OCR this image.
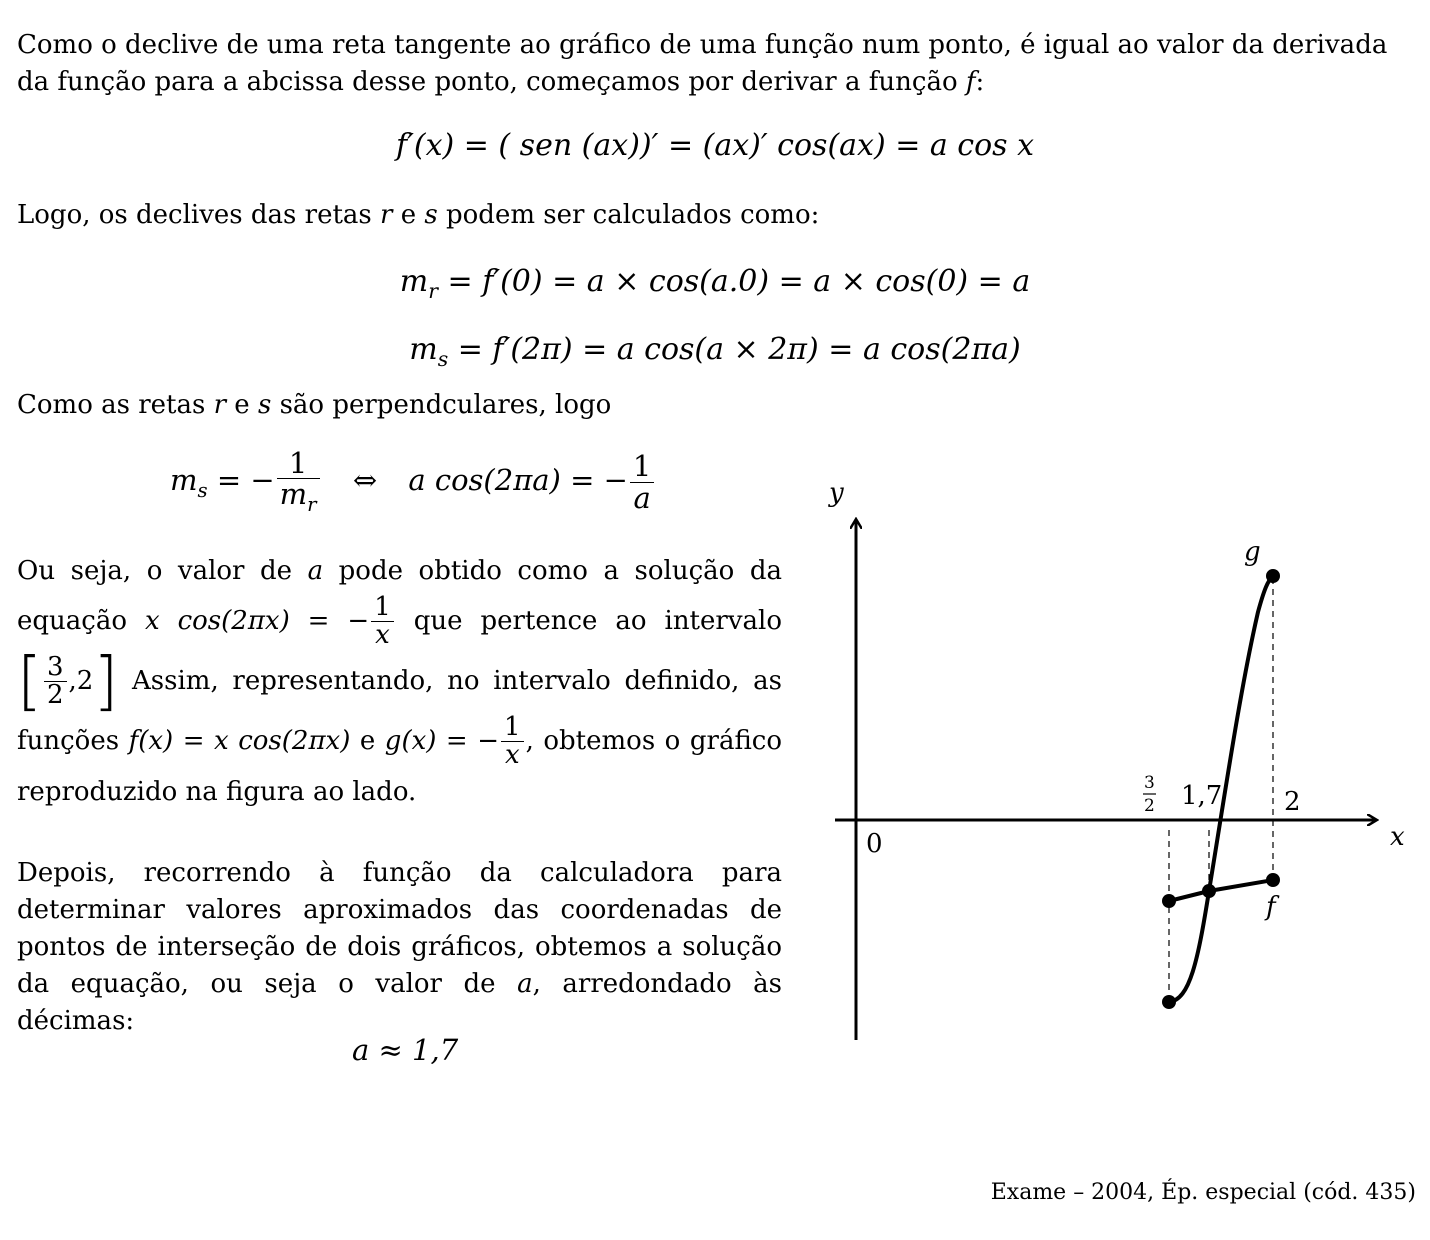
Como o declive de uma reta tangente ao gráfico de uma função num ponto, é igual ao valor da derivada
da função para a abcissa desse ponto, começamos por derivar a função f:
f′(x) = ( sen (ax))′ = (ax)′ cos(ax) = a cos x
Logo, os declives das retas r e s podem ser calculados como:
$m_r = f'(0) = a \times \cos(a.0) = a \times \cos(0) = a$
$m_s = f'(2\pi) = a$ cos(a × 2π) = a cos(2πa)
Como as retas r e s são perpendculares, logo
$m_s$ = − $\frac{1}{m_r}$ ⇔ a cos(2πa) = − $\frac{1}{a}$
Ou seja, o valor de a pode obtido como a solução da equação x cos(2πx) = − $\frac{1}{x}$ que pertence ao intervalo [ $\frac{3}{2} ,2$] Assim, representando, no intervalo definido, as funções f(x) = x cos(2πx) e g(x) = − $\frac{1}{x}$ , obtemos o gráfico reproduzido na figura ao lado.
Depois, recorrendo à função da calculadora para determinar valores aproximados das coordenadas de pontos de interseção de dois gráficos, obtemos a solução da equação, ou seja o valor de a, arredondado às décimas:
a ≈ 1,7
y
x
0
g
f
3
2 1,7 2
Exame – 2004, Ép. especial (cód. 435)
